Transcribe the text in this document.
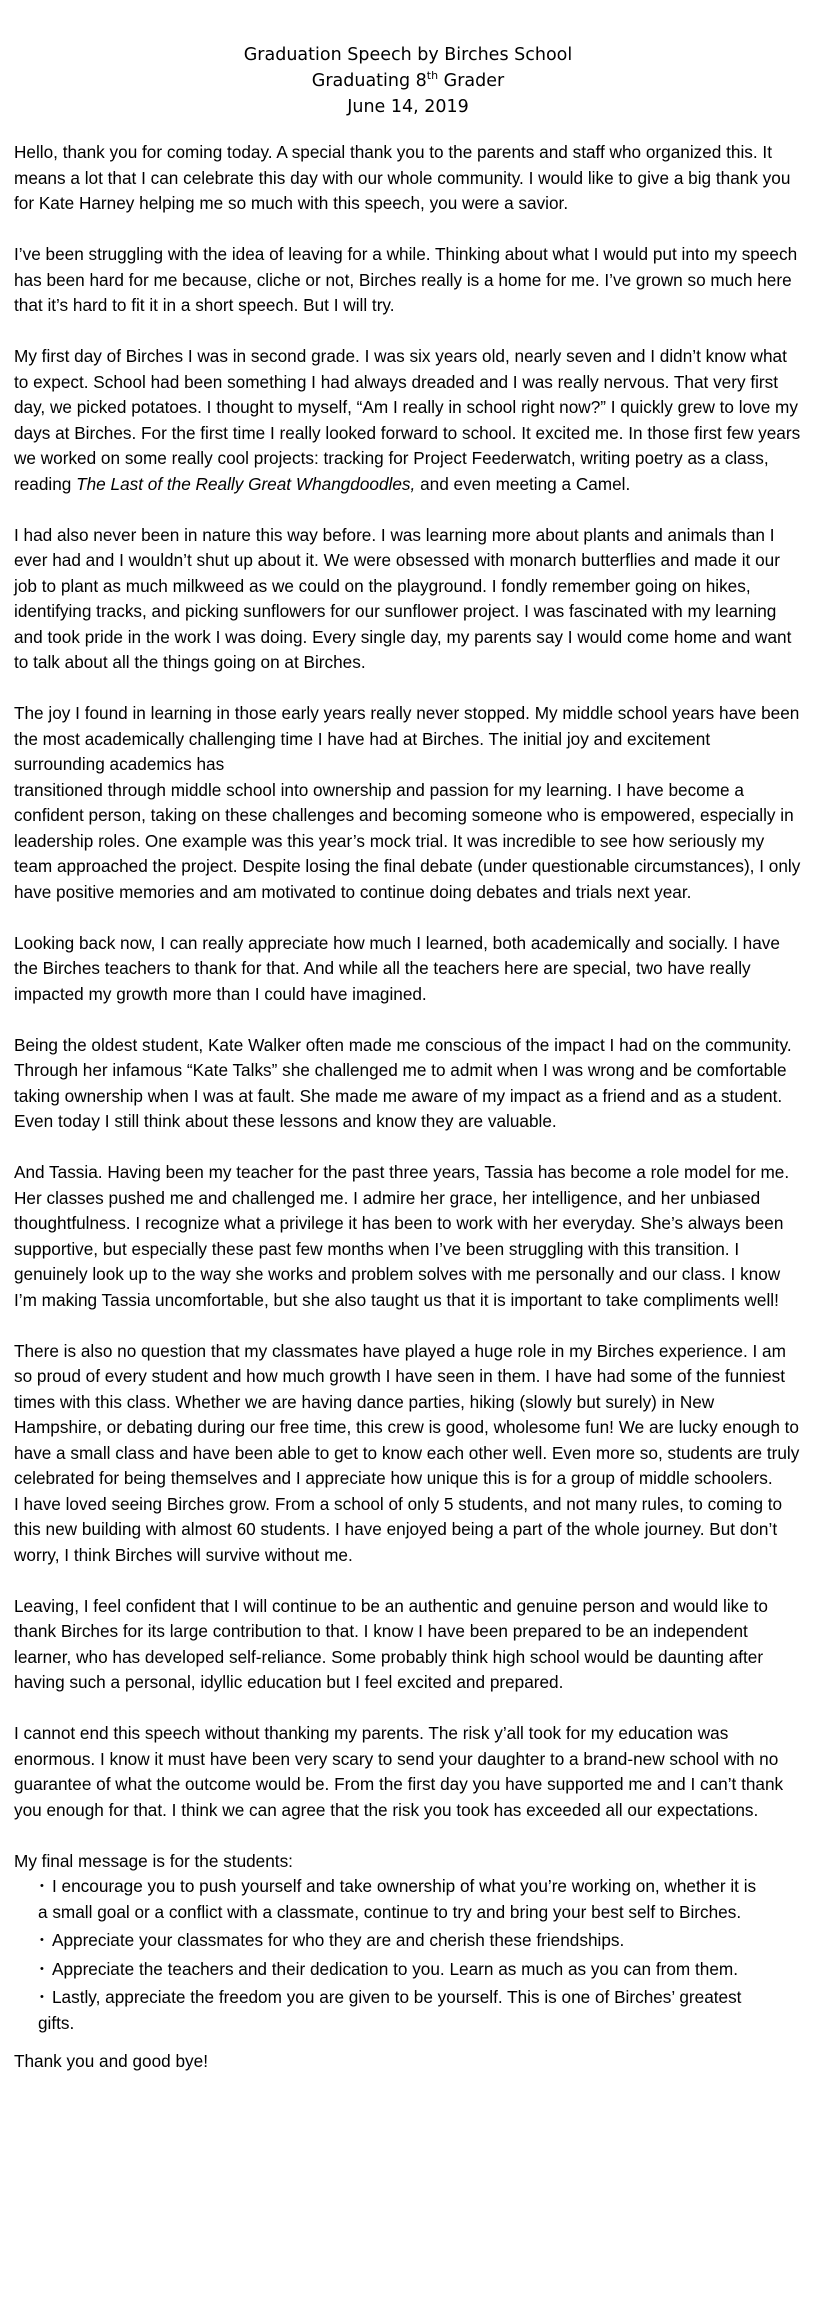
Graduation Speech by Birches School
Graduating 8th Grader
June 14, 2019

Hello, thank you for coming today. A special thank you to the parents and staff who organized this. It means a lot that I can celebrate this day with our whole community. I would like to give a big thank you for Kate Harney helping me so much with this speech, you were a savior.

I’ve been struggling with the idea of leaving for a while. Thinking about what I would put into my speech has been hard for me because, cliche or not, Birches really is a home for me. I’ve grown so much here that it’s hard to fit it in a short speech. But I will try.

My first day of Birches I was in second grade. I was six years old, nearly seven and I didn’t know what to expect. School had been something I had always dreaded and I was really nervous. That very first day, we picked potatoes. I thought to myself, “Am I really in school right now?” I quickly grew to love my days at Birches. For the first time I really looked forward to school. It excited me. In those first few years we worked on some really cool projects: tracking for Project Feederwatch, writing poetry as a class, reading The Last of the Really Great Whangdoodles, and even meeting a Camel.

I had also never been in nature this way before. I was learning more about plants and animals than I ever had and I wouldn’t shut up about it. We were obsessed with monarch butterflies and made it our job to plant as much milkweed as we could on the playground. I fondly remember going on hikes, identifying tracks, and picking sunflowers for our sunflower project. I was fascinated with my learning and took pride in the work I was doing. Every single day, my parents say I would come home and want to talk about all the things going on at Birches.

The joy I found in learning in those early years really never stopped. My middle school years have been the most academically challenging time I have had at Birches. The initial joy and excitement surrounding academics has

transitioned through middle school into ownership and passion for my learning. I have become a confident person, taking on these challenges and becoming someone who is empowered, especially in leadership roles. One example was this year’s mock trial. It was incredible to see how seriously my team approached the project. Despite losing the final debate (under questionable circumstances), I only have positive memories and am motivated to continue doing debates and trials next year.

Looking back now, I can really appreciate how much I learned, both academically and socially. I have the Birches teachers to thank for that. And while all the teachers here are special, two have really impacted my growth more than I could have imagined.

Being the oldest student, Kate Walker often made me conscious of the impact I had on the community. Through her infamous “Kate Talks” she challenged me to admit when I was wrong and be comfortable taking ownership when I was at fault. She made me aware of my impact as a friend and as a student. Even today I still think about these lessons and know they are valuable.

And Tassia. Having been my teacher for the past three years, Tassia has become a role model for me. Her classes pushed me and challenged me. I admire her grace, her intelligence, and her unbiased thoughtfulness. I recognize what a privilege it has been to work with her everyday. She’s always been supportive, but especially these past few months when I’ve been struggling with this transition. I genuinely look up to the way she works and problem solves with me personally and our class. I know I’m making Tassia uncomfortable, but she also taught us that it is important to take compliments well!

There is also no question that my classmates have played a huge role in my Birches experience. I am so proud of every student and how much growth I have seen in them. I have had some of the funniest times with this class. Whether we are having dance parties, hiking (slowly but surely) in New Hampshire, or debating during our free time, this crew is good, wholesome fun! We are lucky enough to have a small class and have been able to get to know each other well. Even more so, students are truly celebrated for being themselves and I appreciate how unique this is for a group of middle schoolers.

I have loved seeing Birches grow. From a school of only 5 students, and not many rules, to coming to this new building with almost 60 students. I have enjoyed being a part of the whole journey. But don’t worry, I think Birches will survive without me.

Leaving, I feel confident that I will continue to be an authentic and genuine person and would like to thank Birches for its large contribution to that. I know I have been prepared to be an independent learner, who has developed self-reliance. Some probably think high school would be daunting after having such a personal, idyllic education but I feel excited and prepared.

I cannot end this speech without thanking my parents. The risk y’all took for my education was enormous. I know it must have been very scary to send your daughter to a brand-new school with no guarantee of what the outcome would be. From the first day you have supported me and I can’t thank you enough for that. I think we can agree that the risk you took has exceeded all our expectations.

My final message is for the students:

• I encourage you to push yourself and take ownership of what you’re working on, whether it is a small goal or a conflict with a classmate, continue to try and bring your best self to Birches.
• Appreciate your classmates for who they are and cherish these friendships.
• Appreciate the teachers and their dedication to you. Learn as much as you can from them.
• Lastly, appreciate the freedom you are given to be yourself. This is one of Birches’ greatest gifts.

Thank you and good bye!
